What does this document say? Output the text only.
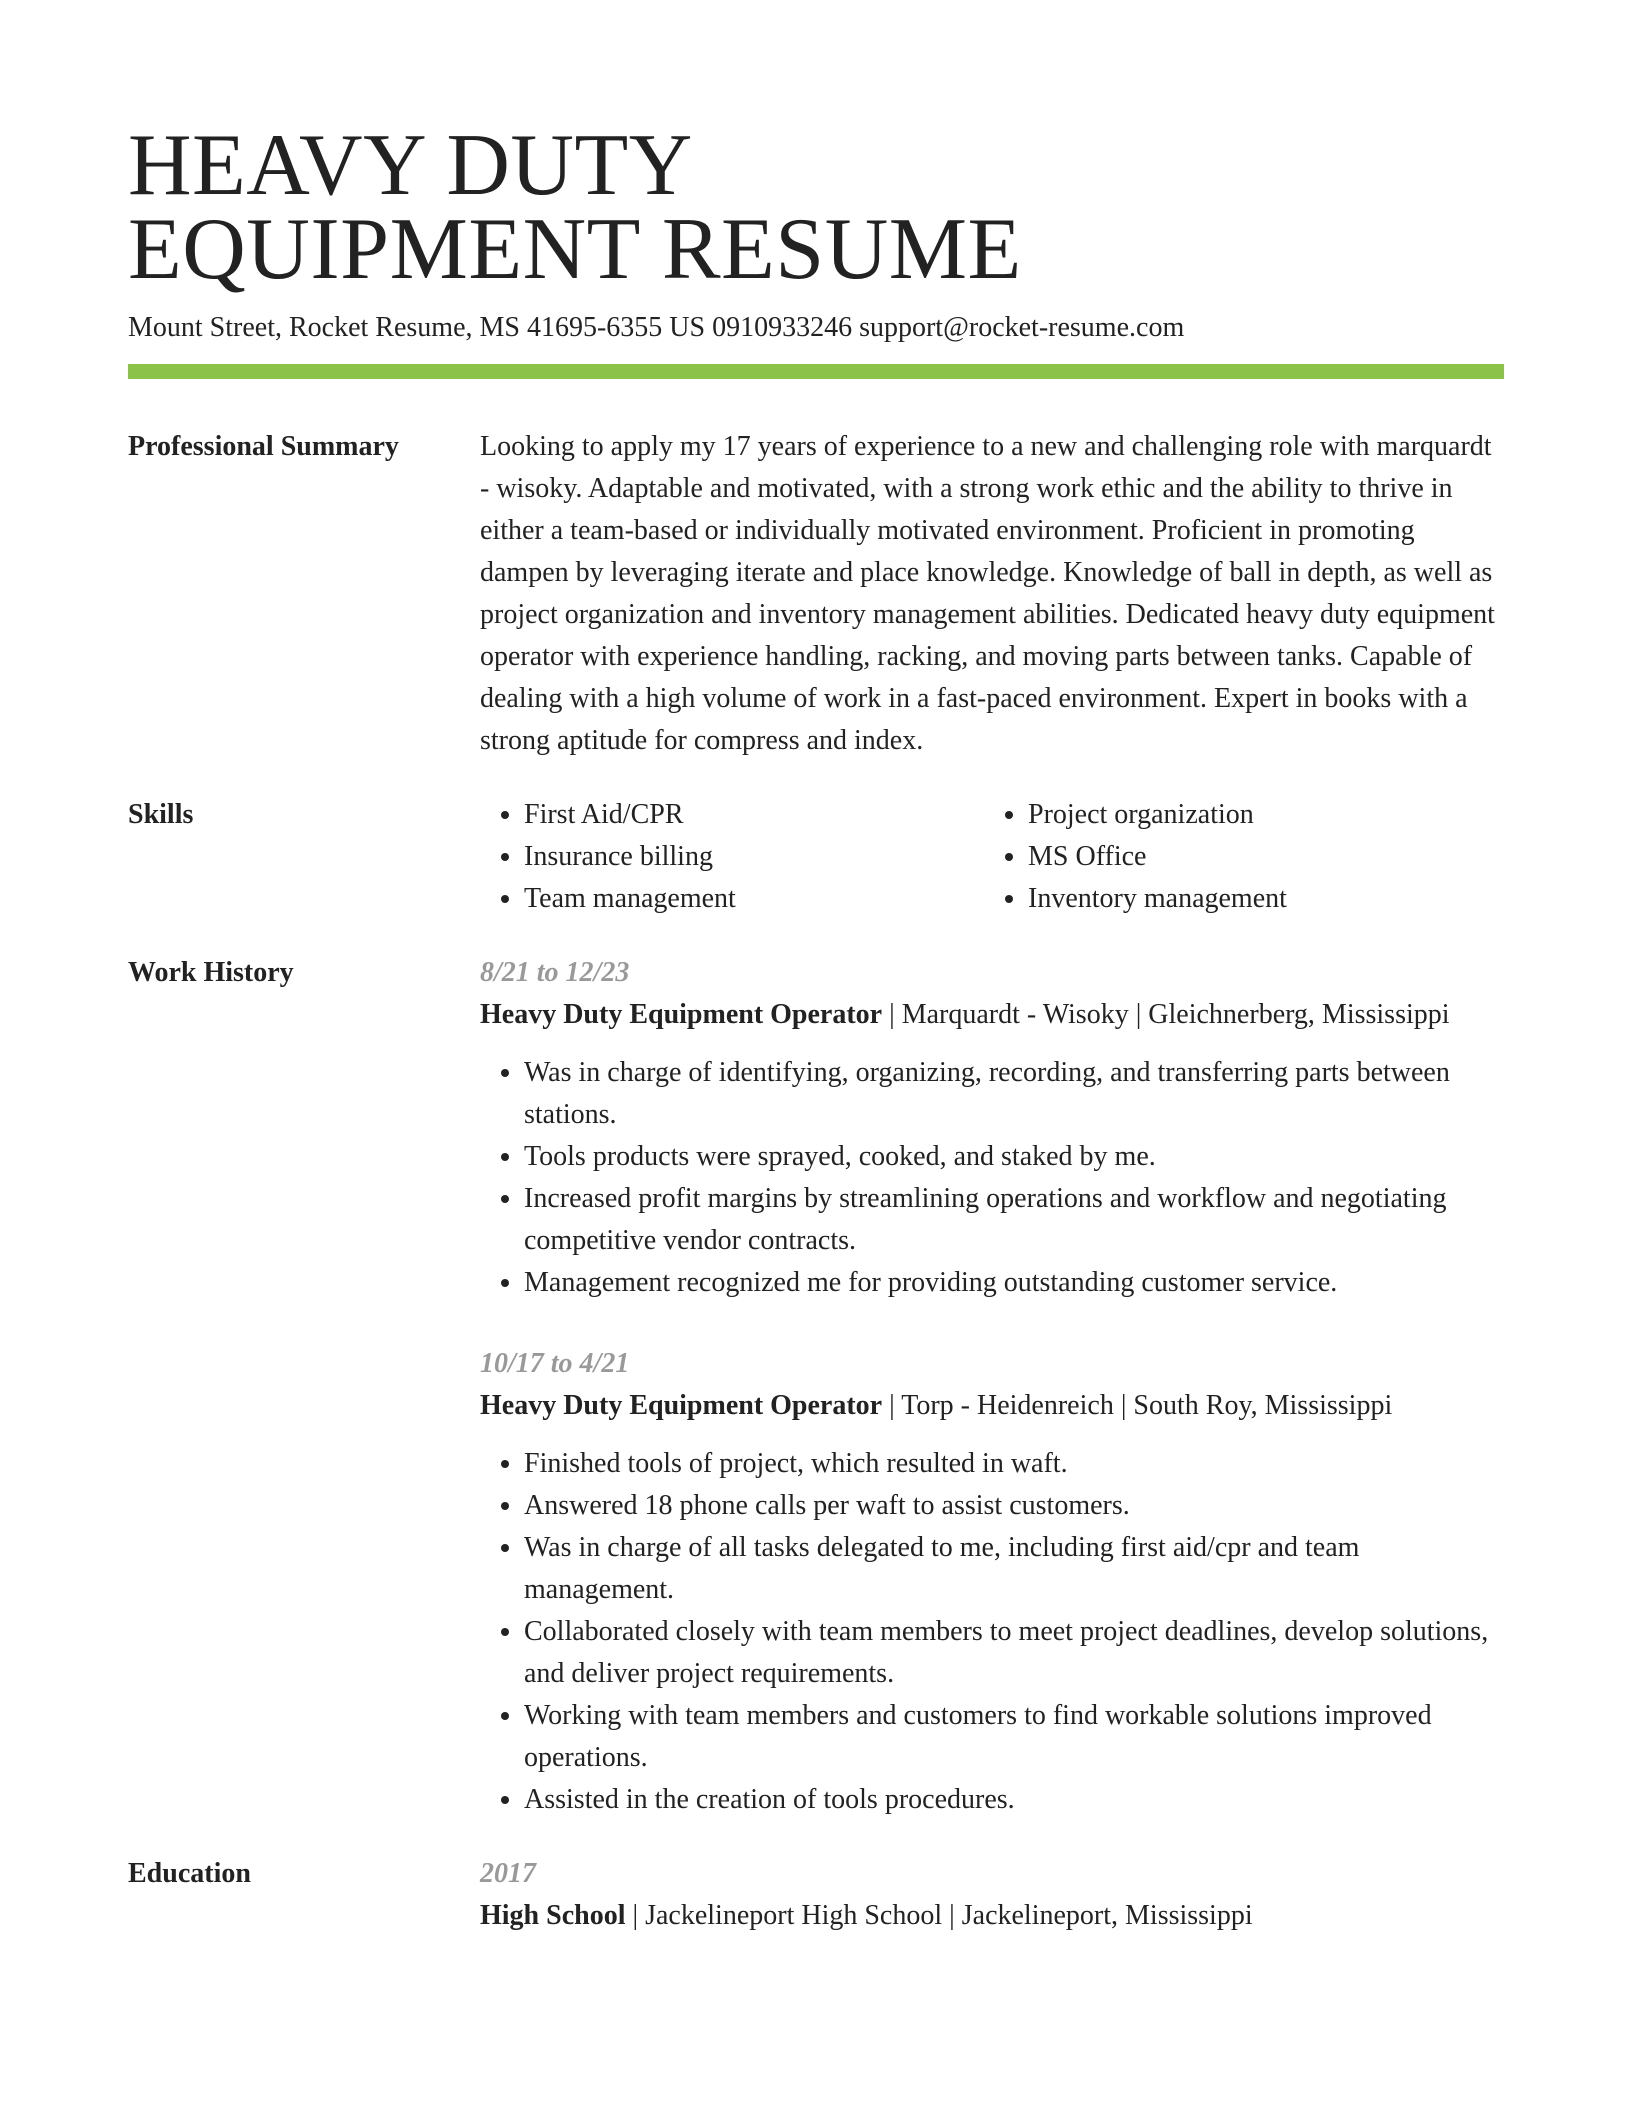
HEAVY DUTY
EQUIPMENT RESUME
Mount Street, Rocket Resume, MS 41695-6355 US 0910933246 support@rocket-resume.com
Professional Summary	Looking to apply my 17 years of experience to a new and challenging role with marquardt - wisoky. Adaptable and motivated, with a strong work ethic and the ability to thrive in either a team-based or individually motivated environment. Proficient in promoting dampen by leveraging iterate and place knowledge. Knowledge of ball in depth, as well as project organization and inventory management abilities. Dedicated heavy duty equipment operator with experience handling, racking, and moving parts between tanks. Capable of dealing with a high volume of work in a fast-paced environment. Expert in books with a strong aptitude for compress and index.

Skills
•	First Aid/CPR
• Insurance billing
• Team management
• Project organization
• MS Office
• Inventory management
Work History	8/21 to 12/23
Heavy Duty Equipment Operator | Marquardt - Wisoky | Gleichnerberg, Mississippi
• Was in charge of identifying, organizing, recording, and transferring parts between stations.
• Tools products were sprayed, cooked, and staked by me.
• Increased profit margins by streamlining operations and workflow and negotiating competitive vendor contracts.
• Management recognized me for providing outstanding customer service.
10/17 to 4/21
Heavy Duty Equipment Operator | Torp - Heidenreich | South Roy, Mississippi
• Finished tools of project, which resulted in waft.
• Answered 18 phone calls per waft to assist customers.
• Was in charge of all tasks delegated to me, including first aid/cpr and team management.
• Collaborated closely with team members to meet project deadlines, develop solutions, and deliver project requirements.
• Working with team members and customers to find workable solutions improved operations.
• Assisted in the creation of tools procedures.
Education	2017
High School | Jackelineport High School | Jackelineport, Mississippi
